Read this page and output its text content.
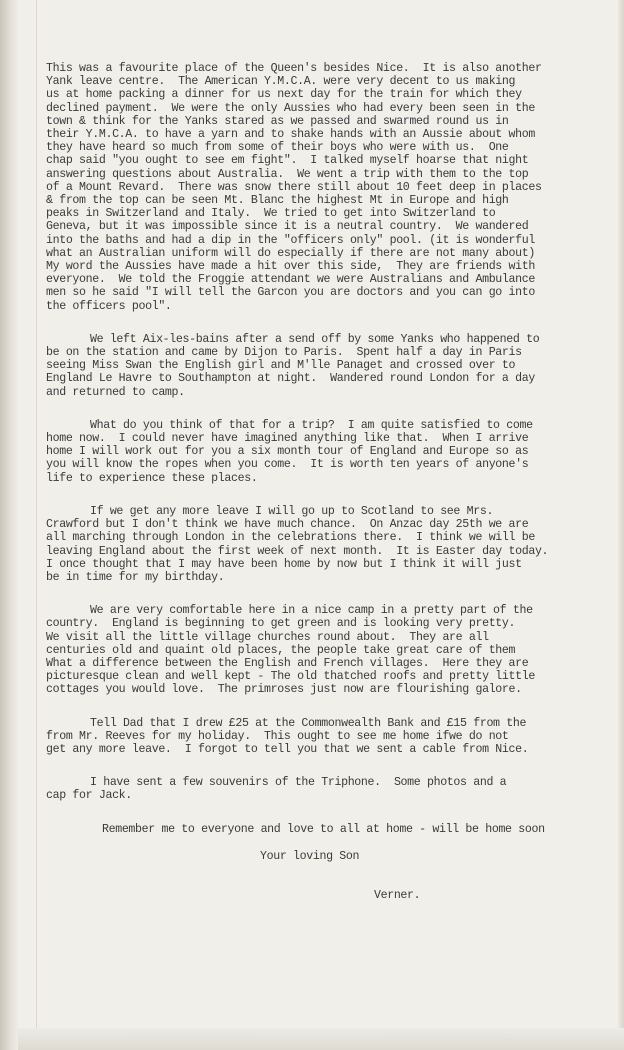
This was a favourite place of the Queen's besides Nice.  It is also another
Yank leave centre.  The American Y.M.C.A. were very decent to us making
us at home packing a dinner for us next day for the train for which they
declined payment.  We were the only Aussies who had every been seen in the
town & think for the Yanks stared as we passed and swarmed round us in
their Y.M.C.A. to have a yarn and to shake hands with an Aussie about whom
they have heard so much from some of their boys who were with us.  One
chap said "you ought to see em fight".  I talked myself hoarse that night
answering questions about Australia.  We went a trip with them to the top
of a Mount Revard.  There was snow there still about 10 feet deep in places
& from the top can be seen Mt. Blanc the highest Mt in Europe and high
peaks in Switzerland and Italy.  We tried to get into Switzerland to
Geneva, but it was impossible since it is a neutral country.  We wandered
into the baths and had a dip in the "officers only" pool. (it is wonderful
what an Australian uniform will do especially if there are not many about)
My word the Aussies have made a hit over this side,  They are friends with
everyone.  We told the Froggie attendant we were Australians and Ambulance
men so he said "I will tell the Garcon you are doctors and you can go into
the officers pool".
We left Aix-les-bains after a send off by some Yanks who happened to
be on the station and came by Dijon to Paris.  Spent half a day in Paris
seeing Miss Swan the English girl and M'lle Panaget and crossed over to
England Le Havre to Southampton at night.  Wandered round London for a day
and returned to camp.
What do you think of that for a trip?  I am quite satisfied to come
home now.  I could never have imagined anything like that.  When I arrive
home I will work out for you a six month tour of England and Europe so as
you will know the ropes when you come.  It is worth ten years of anyone's
life to experience these places.
If we get any more leave I will go up to Scotland to see Mrs.
Crawford but I don't think we have much chance.  On Anzac day 25th we are
all marching through London in the celebrations there.  I think we will be
leaving England about the first week of next month.  It is Easter day today.
I once thought that I may have been home by now but I think it will just
be in time for my birthday.
We are very comfortable here in a nice camp in a pretty part of the
country.  England is beginning to get green and is looking very pretty.
We visit all the little village churches round about.  They are all
centuries old and quaint old places, the people take great care of them
What a difference between the English and French villages.  Here they are
picturesque clean and well kept - The old thatched roofs and pretty little
cottages you would love.  The primroses just now are flourishing galore.
Tell Dad that I drew £25 at the Commonwealth Bank and £15 from the
from Mr. Reeves for my holiday.  This ought to see me home ifwe do not
get any more leave.  I forgot to tell you that we sent a cable from Nice.
I have sent a few souvenirs of the Triphone.  Some photos and a
cap for Jack.
Remember me to everyone and love to all at home - will be home soon
Your loving Son
Verner.
